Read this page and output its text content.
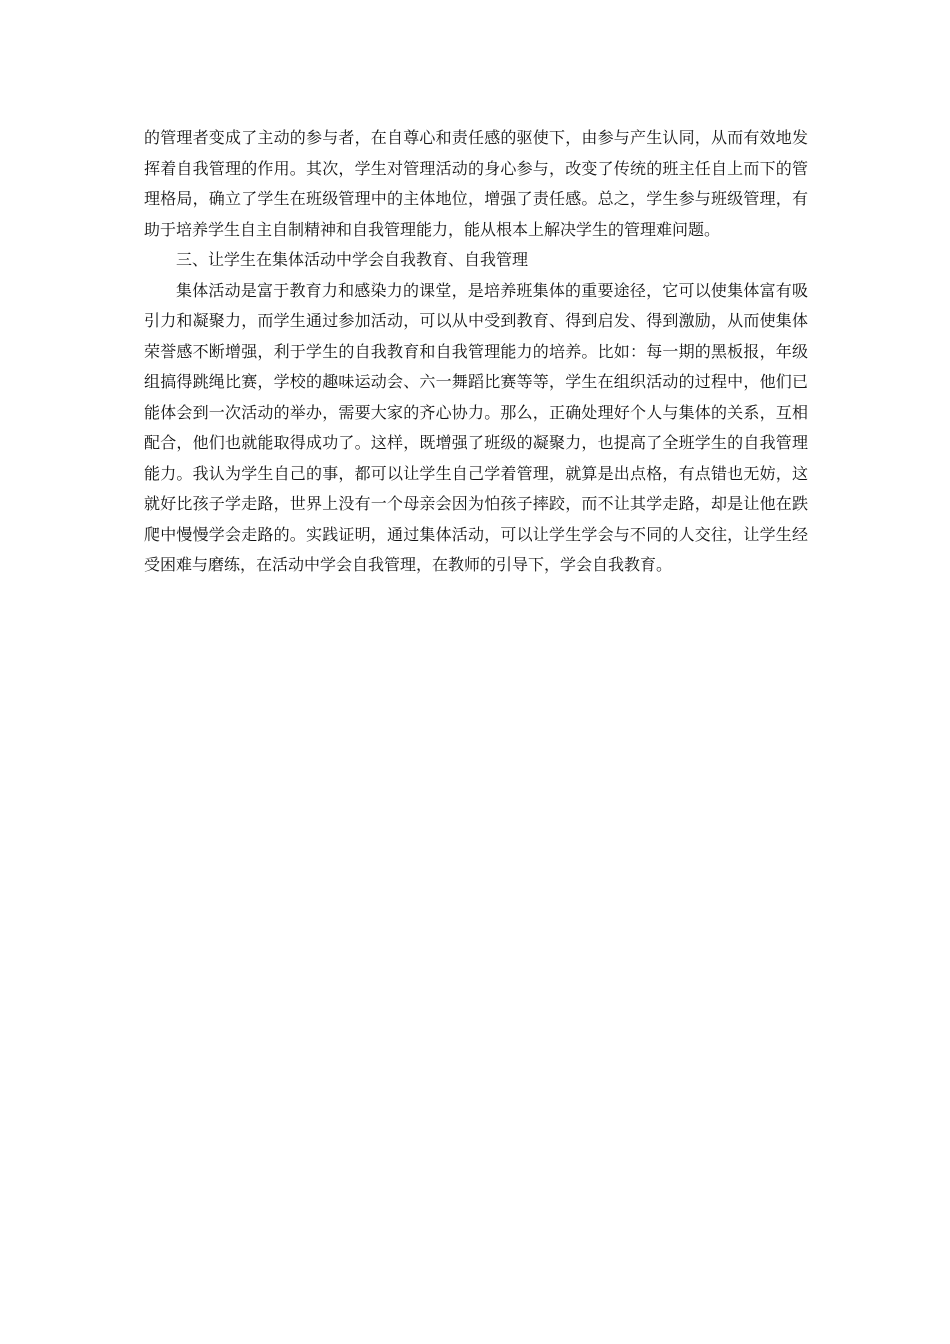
的管理者变成了主动的参与者，在自尊心和责任感的驱使下，由参与产生认同，从而有效地发挥着自我管理的作用。其次，学生对管理活动的身心参与，改变了传统的班主任自上而下的管理格局，确立了学生在班级管理中的主体地位，增强了责任感。总之，学生参与班级管理，有助于培养学生自主自制精神和自我管理能力，能从根本上解决学生的管理难问题。

三、让学生在集体活动中学会自我教育、自我管理

集体活动是富于教育力和感染力的课堂，是培养班集体的重要途径，它可以使集体富有吸引力和凝聚力，而学生通过参加活动，可以从中受到教育、得到启发、得到激励，从而使集体荣誉感不断增强，利于学生的自我教育和自我管理能力的培养。比如：每一期的黑板报，年级组搞得跳绳比赛，学校的趣味运动会、六一舞蹈比赛等等，学生在组织活动的过程中，他们已能体会到一次活动的举办，需要大家的齐心协力。那么，正确处理好个人与集体的关系，互相配合，他们也就能取得成功了。这样，既增强了班级的凝聚力，也提高了全班学生的自我管理能力。我认为学生自己的事，都可以让学生自己学着管理，就算是出点格，有点错也无妨，这就好比孩子学走路，世界上没有一个母亲会因为怕孩子摔跤，而不让其学走路，却是让他在跌爬中慢慢学会走路的。实践证明，通过集体活动，可以让学生学会与不同的人交往，让学生经受困难与磨练，在活动中学会自我管理，在教师的引导下，学会自我教育。
